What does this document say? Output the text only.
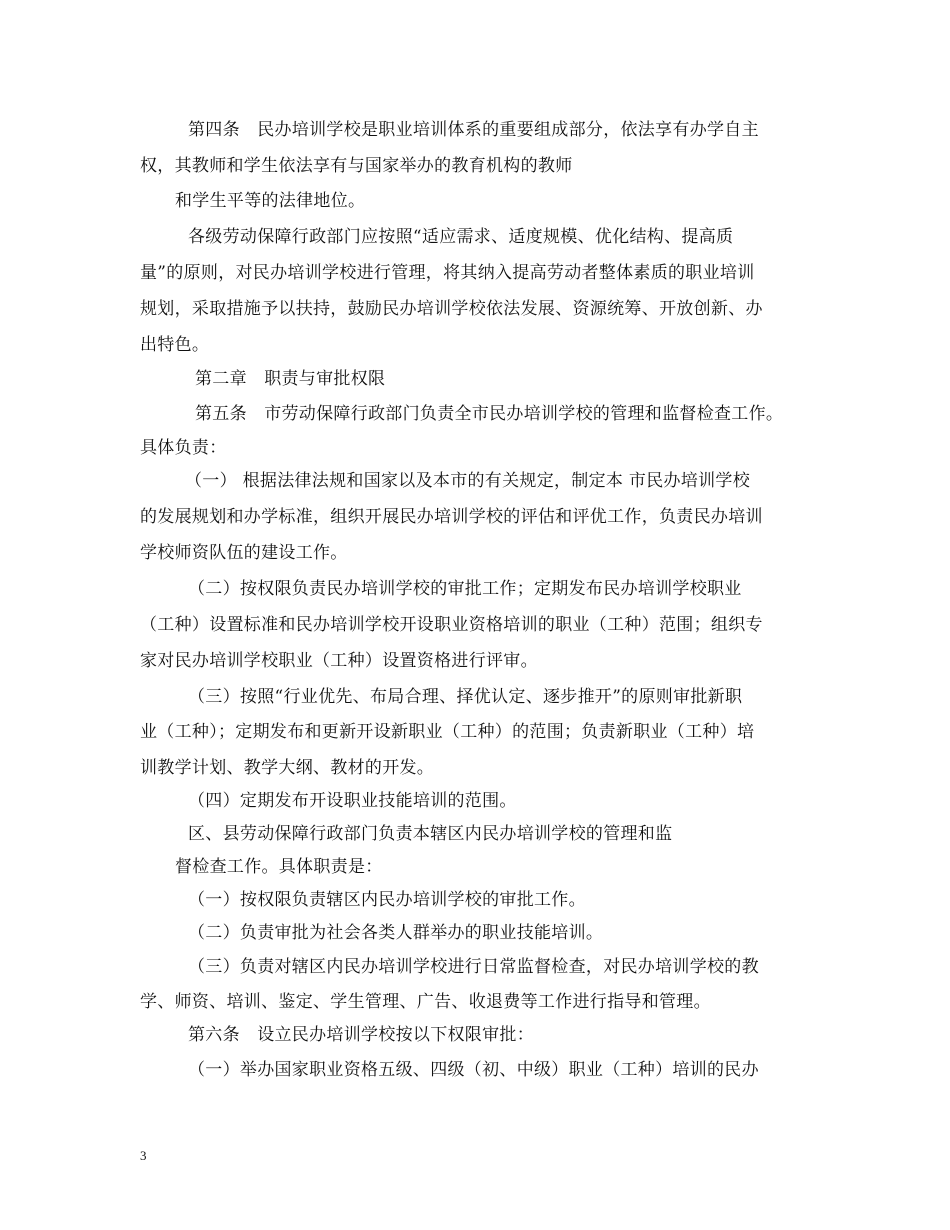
第四条　民办培训学校是职业培训体系的重要组成部分，依法享有办学自主
权，其教师和学生依法享有与国家举办的教育机构的教师
和学生平等的法律地位。
各级劳动保障行政部门应按照“适应需求、适度规模、优化结构、提高质
量”的原则，对民办培训学校进行管理，将其纳入提高劳动者整体素质的职业培训
规划，采取措施予以扶持，鼓励民办培训学校依法发展、资源统筹、开放创新、办
出特色。
第二章　职责与审批权限
第五条　市劳动保障行政部门负责全市民办培训学校的管理和监督检查工作。
具体负责：
（一） 根据法律法规和国家以及本市的有关规定，制定本 市民办培训学校
的发展规划和办学标准，组织开展民办培训学校的评估和评优工作，负责民办培训
学校师资队伍的建设工作。
（二）按权限负责民办培训学校的审批工作；定期发布民办培训学校职业
（工种）设置标准和民办培训学校开设职业资格培训的职业（工种）范围；组织专
家对民办培训学校职业（工种）设置资格进行评审。
（三）按照“行业优先、布局合理、择优认定、逐步推开”的原则审批新职
业（工种）；定期发布和更新开设新职业（工种）的范围；负责新职业（工种）培
训教学计划、教学大纲、教材的开发。
（四）定期发布开设职业技能培训的范围。
区、县劳动保障行政部门负责本辖区内民办培训学校的管理和监
督检查工作。具体职责是：
（一）按权限负责辖区内民办培训学校的审批工作。
（二）负责审批为社会各类人群举办的职业技能培训。
（三）负责对辖区内民办培训学校进行日常监督检查，对民办培训学校的教
学、师资、培训、鉴定、学生管理、广告、收退费等工作进行指导和管理。
第六条　设立民办培训学校按以下权限审批：
（一）举办国家职业资格五级、四级（初、中级）职业（工种）培训的民办
3
